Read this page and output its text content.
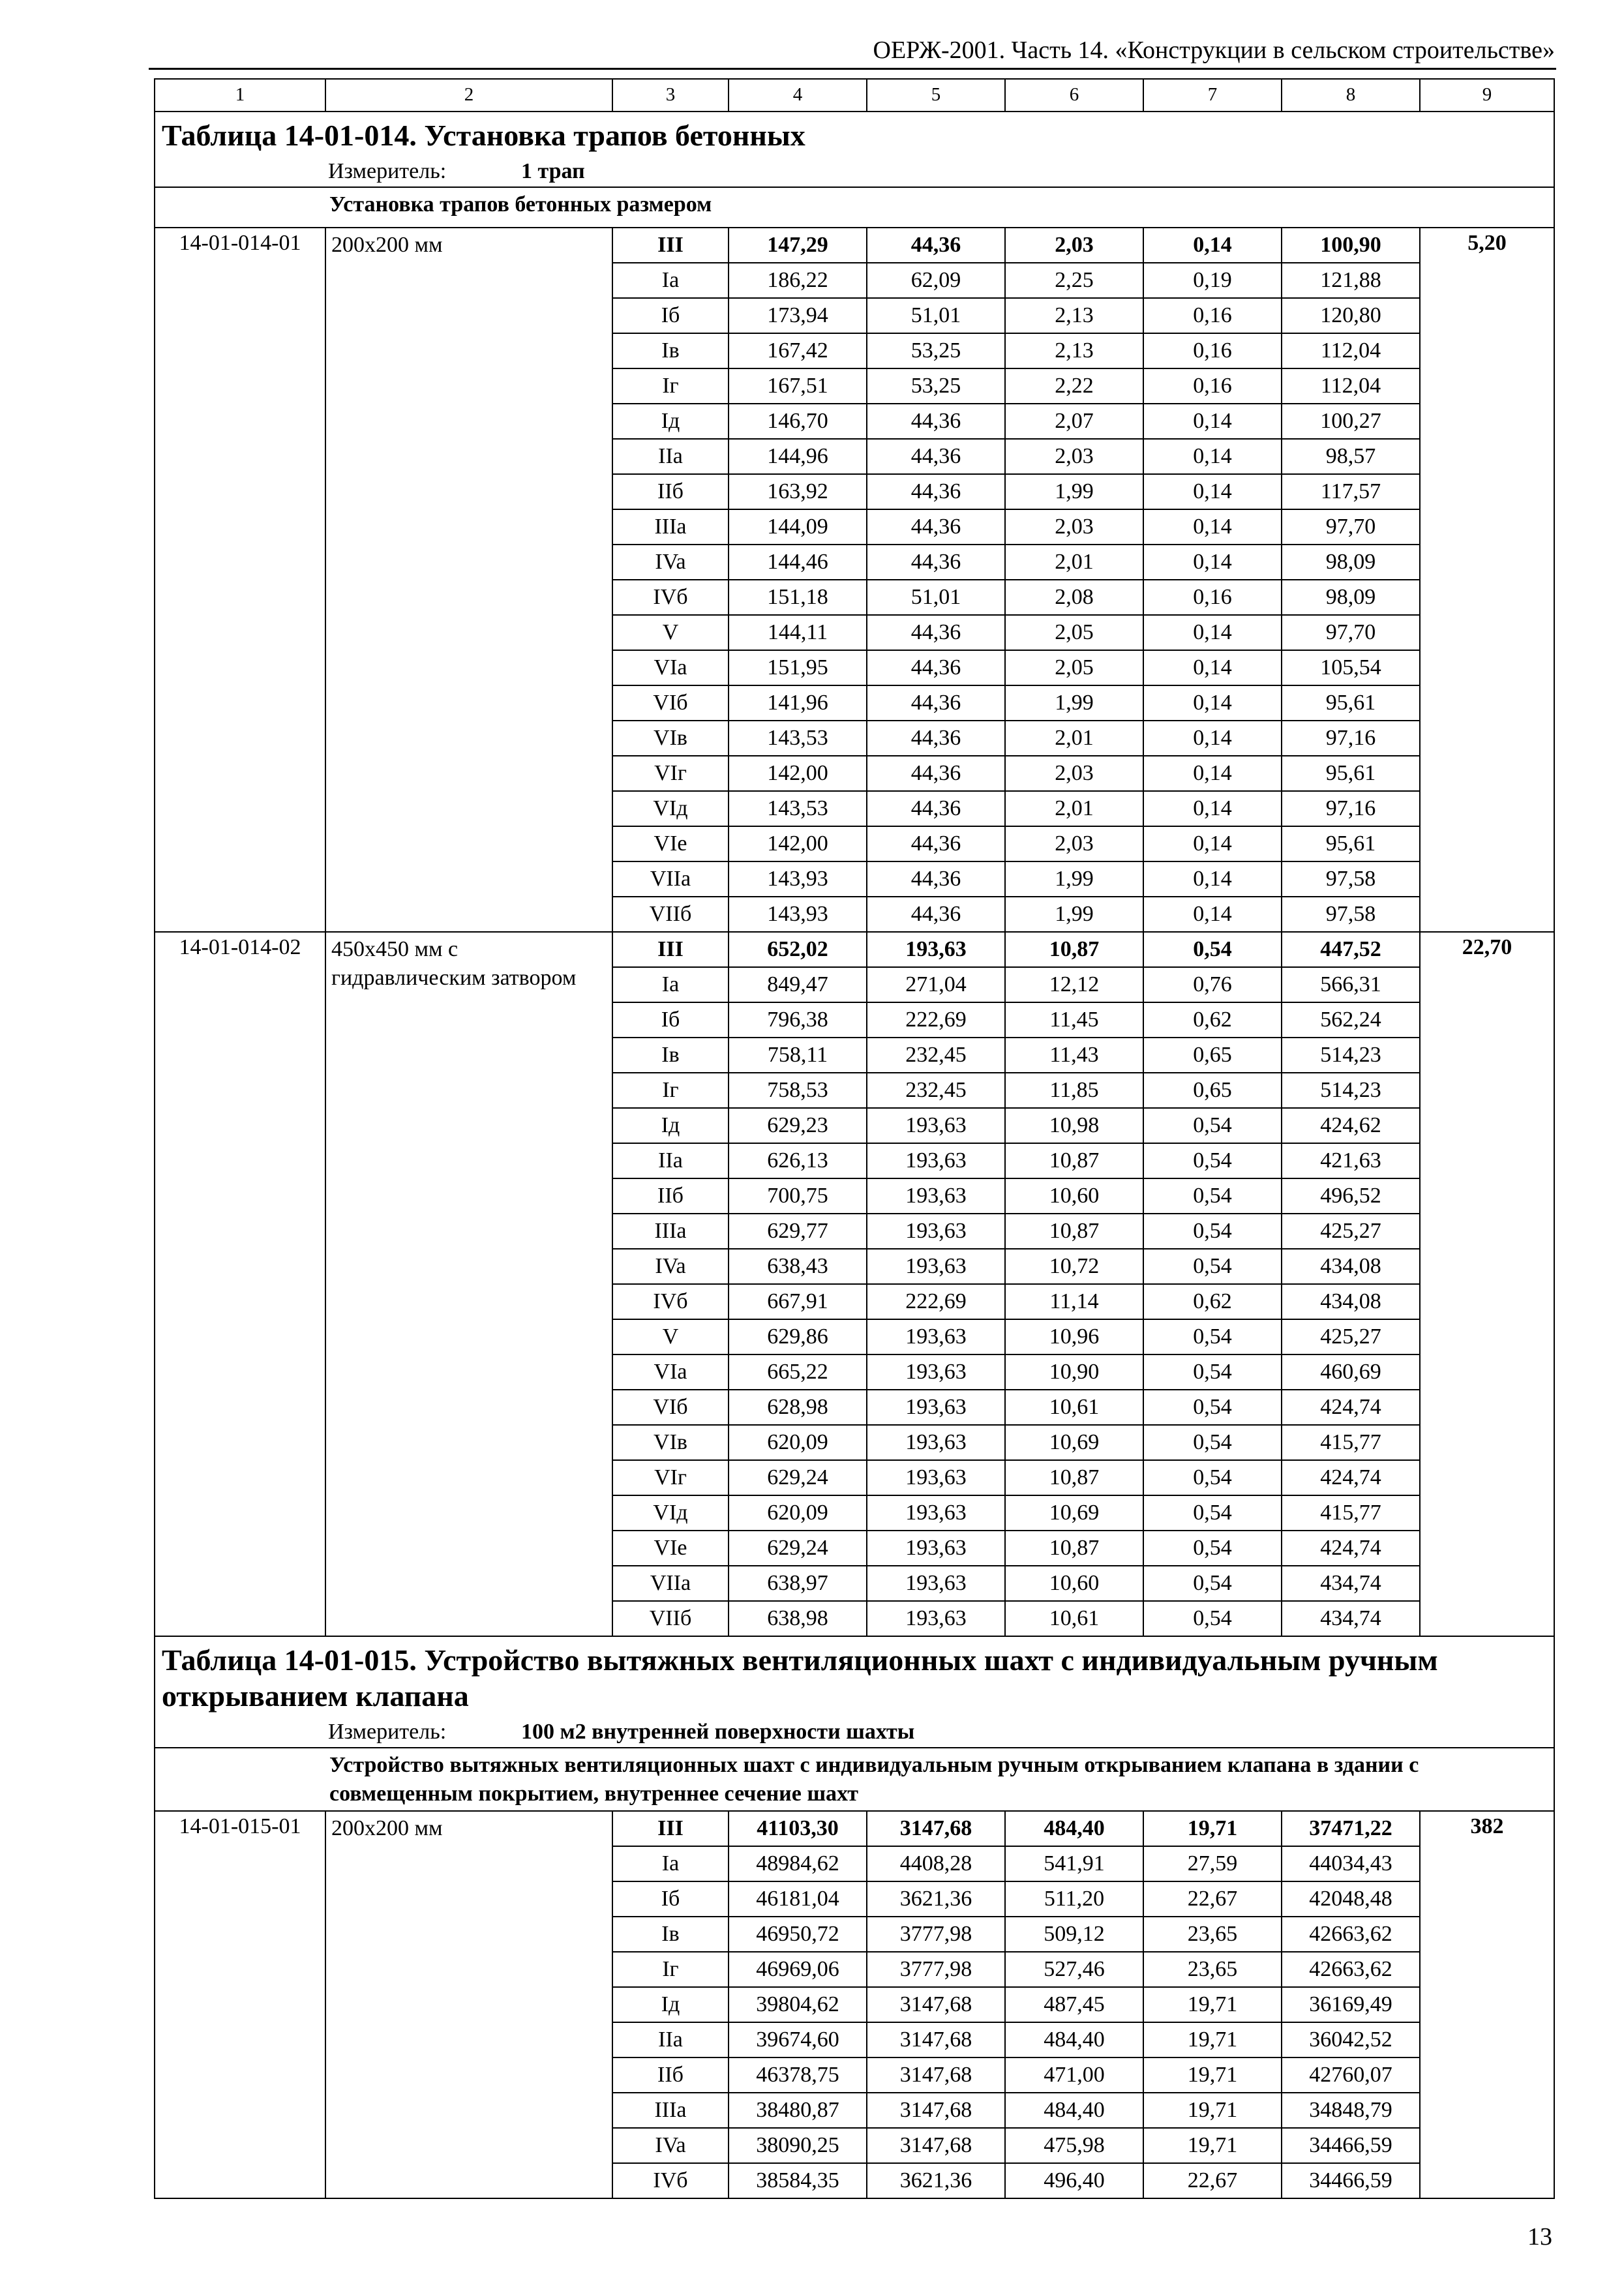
ОЕРЖ-2001. Часть 14. «Конструкции в сельском строительстве»
1	2	3	4	5	6	7	8	9

Таблица 14-01-014. Установка трапов бетонных
Измеритель: 1 трап								

Установка трапов бетонных размером								
14-01-014-01	200х200 мм	III	147,29	44,36	2,03	0,14	100,90	5,20
		Ia	186,22	62,09	2,25	0,19	121,88	
		Iб	173,94	51,01	2,13	0,16	120,80	
		Iв	167,42	53,25	2,13	0,16	112,04	
		Iг	167,51	53,25	2,22	0,16	112,04	
		Iд	146,70	44,36	2,07	0,14	100,27	
		IIa	144,96	44,36	2,03	0,14	98,57	
		IIб	163,92	44,36	1,99	0,14	117,57	
		IIIa	144,09	44,36	2,03	0,14	97,70	
		IVa	144,46	44,36	2,01	0,14	98,09	
		IVб	151,18	51,01	2,08	0,16	98,09	
		V	144,11	44,36	2,05	0,14	97,70	
		VIa	151,95	44,36	2,05	0,14	105,54	
		VIб	141,96	44,36	1,99	0,14	95,61	
		VIв	143,53	44,36	2,01	0,14	97,16	
		VIг	142,00	44,36	2,03	0,14	95,61	
		VIд	143,53	44,36	2,01	0,14	97,16	
		VIe	142,00	44,36	2,03	0,14	95,61	
		VIIa	143,93	44,36	1,99	0,14	97,58	
		VIIб	143,93	44,36	1,99	0,14	97,58	
14-01-014-02	450х450 мм с гидравлическим затвором	III	652,02	193,63	10,87	0,54	447,52	22,70
		Ia	849,47	271,04	12,12	0,76	566,31	
		Iб	796,38	222,69	11,45	0,62	562,24	
		Iв	758,11	232,45	11,43	0,65	514,23	
		Iг	758,53	232,45	11,85	0,65	514,23	
		Iд	629,23	193,63	10,98	0,54	424,62	
		IIa	626,13	193,63	10,87	0,54	421,63	
		IIб	700,75	193,63	10,60	0,54	496,52	
		IIIa	629,77	193,63	10,87	0,54	425,27	
		IVa	638,43	193,63	10,72	0,54	434,08	
		IVб	667,91	222,69	11,14	0,62	434,08	
		V	629,86	193,63	10,96	0,54	425,27	
		VIa	665,22	193,63	10,90	0,54	460,69	
		VIб	628,98	193,63	10,61	0,54	424,74	
		VIв	620,09	193,63	10,69	0,54	415,77	
		VIг	629,24	193,63	10,87	0,54	424,74	
		VIд	620,09	193,63	10,69	0,54	415,77	
		VIe	629,24	193,63	10,87	0,54	424,74	
		VIIa	638,97	193,63	10,60	0,54	434,74	
		VIIб	638,98	193,63	10,61	0,54	434,74	

Таблица 14-01-015. Устройство вытяжных вентиляционных шахт с индивидуальным ручным открыванием клапана
Измеритель: 100 м2 внутренней поверхности шахты								

Устройство вытяжных вентиляционных шахт с индивидуальным ручным открыванием клапана в здании с совмещенным покрытием, внутреннее сечение шахт								
14-01-015-01	200х200 мм	III	41103,30	3147,68	484,40	19,71	37471,22	382
		Ia	48984,62	4408,28	541,91	27,59	44034,43	
		Iб	46181,04	3621,36	511,20	22,67	42048,48	
		Iв	46950,72	3777,98	509,12	23,65	42663,62	
		Iг	46969,06	3777,98	527,46	23,65	42663,62	
		Iд	39804,62	3147,68	487,45	19,71	36169,49	
		IIa	39674,60	3147,68	484,40	19,71	36042,52	
		IIб	46378,75	3147,68	471,00	19,71	42760,07	
		IIIa	38480,87	3147,68	484,40	19,71	34848,79	
		IVa	38090,25	3147,68	475,98	19,71	34466,59	
		IVб	38584,35	3621,36	496,40	22,67	34466,59	
13
